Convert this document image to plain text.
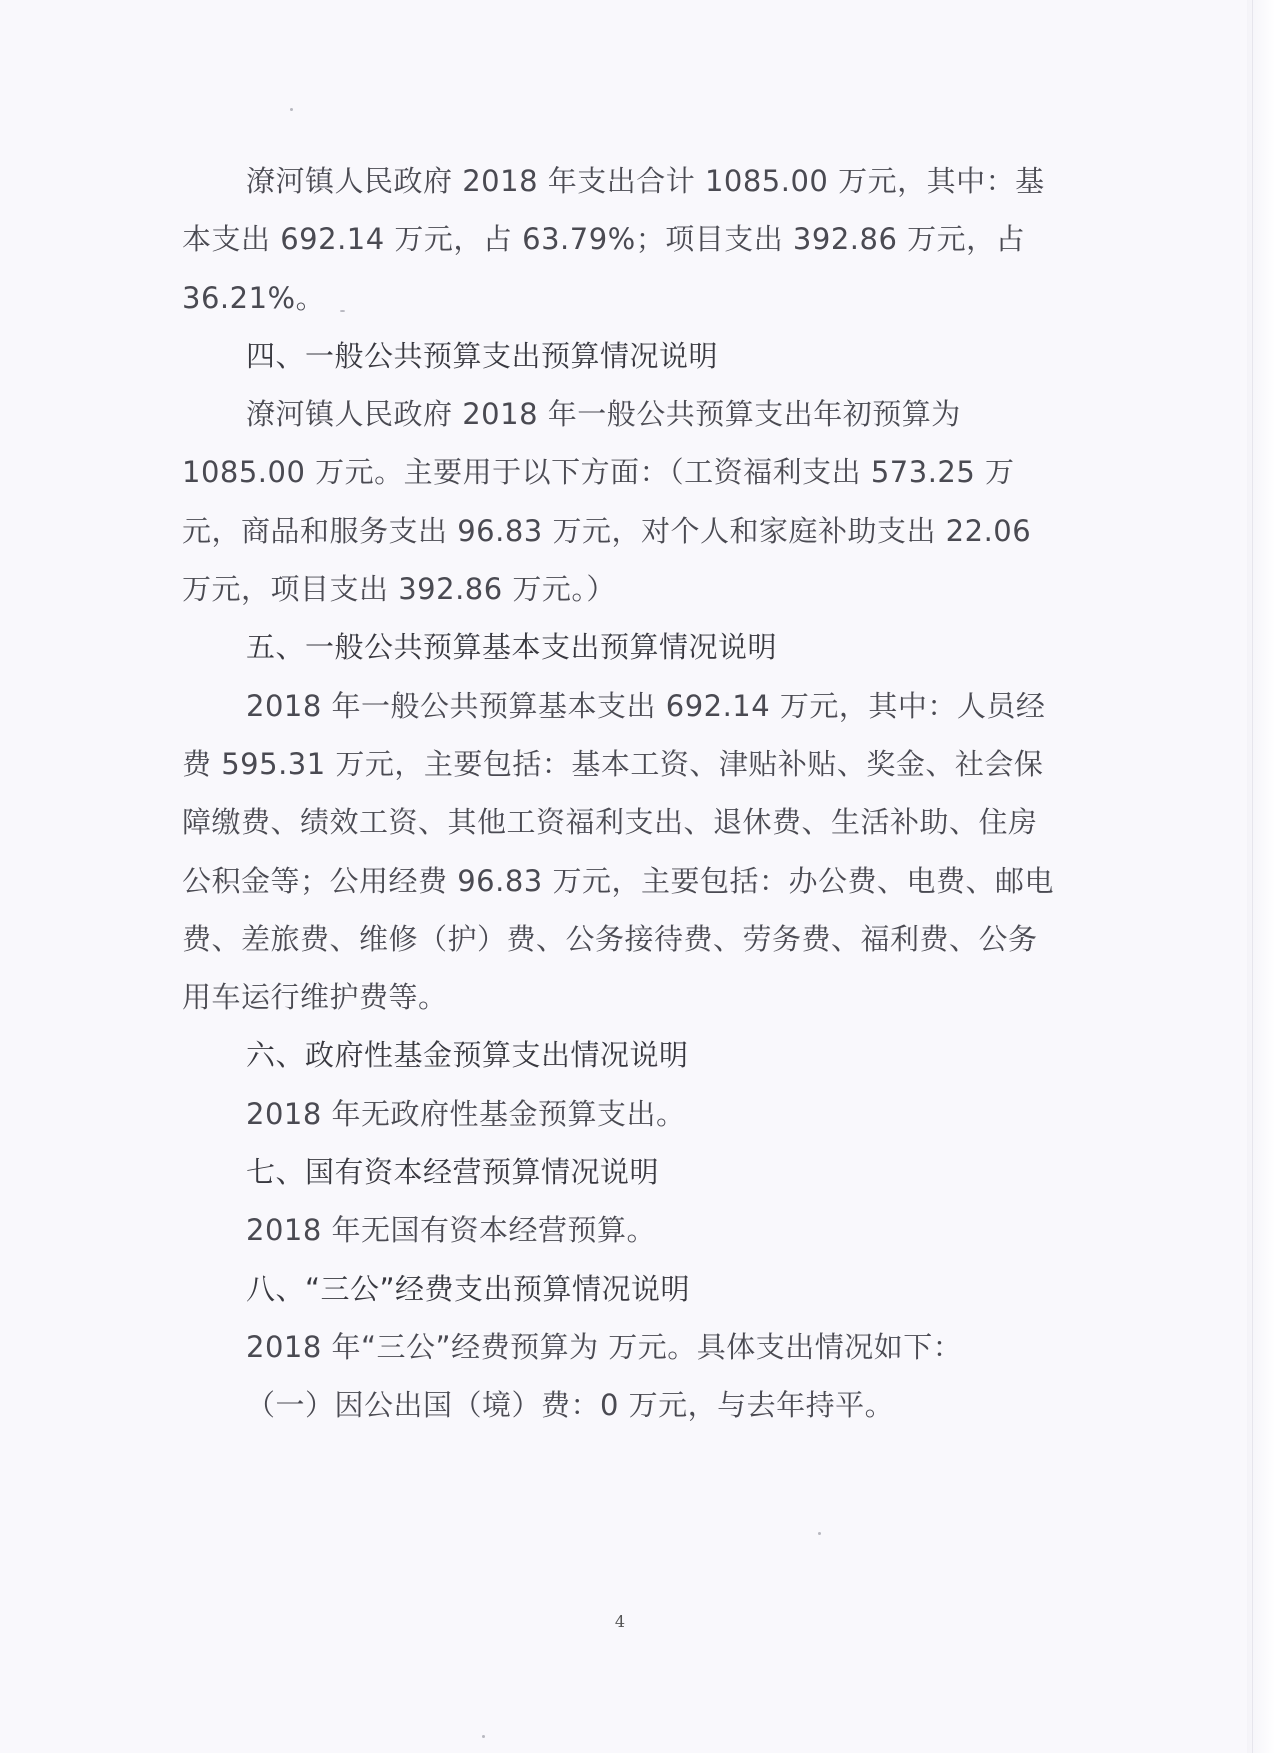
潦河镇人民政府 2018 年支出合计 1085.00 万元，其中：基本支出 692.14 万元，占 63.79%；项目支出 392.86 万元，占 36.21%。

四、一般公共预算支出预算情况说明

潦河镇人民政府 2018 年一般公共预算支出年初预算为 1085.00 万元。主要用于以下方面：（工资福利支出 573.25 万元，商品和服务支出 96.83 万元，对个人和家庭补助支出 22.06 万元，项目支出 392.86 万元。）

五、一般公共预算基本支出预算情况说明

2018 年一般公共预算基本支出 692.14 万元，其中：人员经费 595.31 万元，主要包括：基本工资、津贴补贴、奖金、社会保障缴费、绩效工资、其他工资福利支出、退休费、生活补助、住房公积金等；公用经费 96.83 万元，主要包括：办公费、电费、邮电费、差旅费、维修（护）费、公务接待费、劳务费、福利费、公务用车运行维护费等。

六、政府性基金预算支出情况说明

2018 年无政府性基金预算支出。

七、国有资本经营预算情况说明

2018 年无国有资本经营预算。

八、“三公”经费支出预算情况说明

2018 年“三公”经费预算为 万元。具体支出情况如下：

（一）因公出国（境）费：0 万元，与去年持平。

4
